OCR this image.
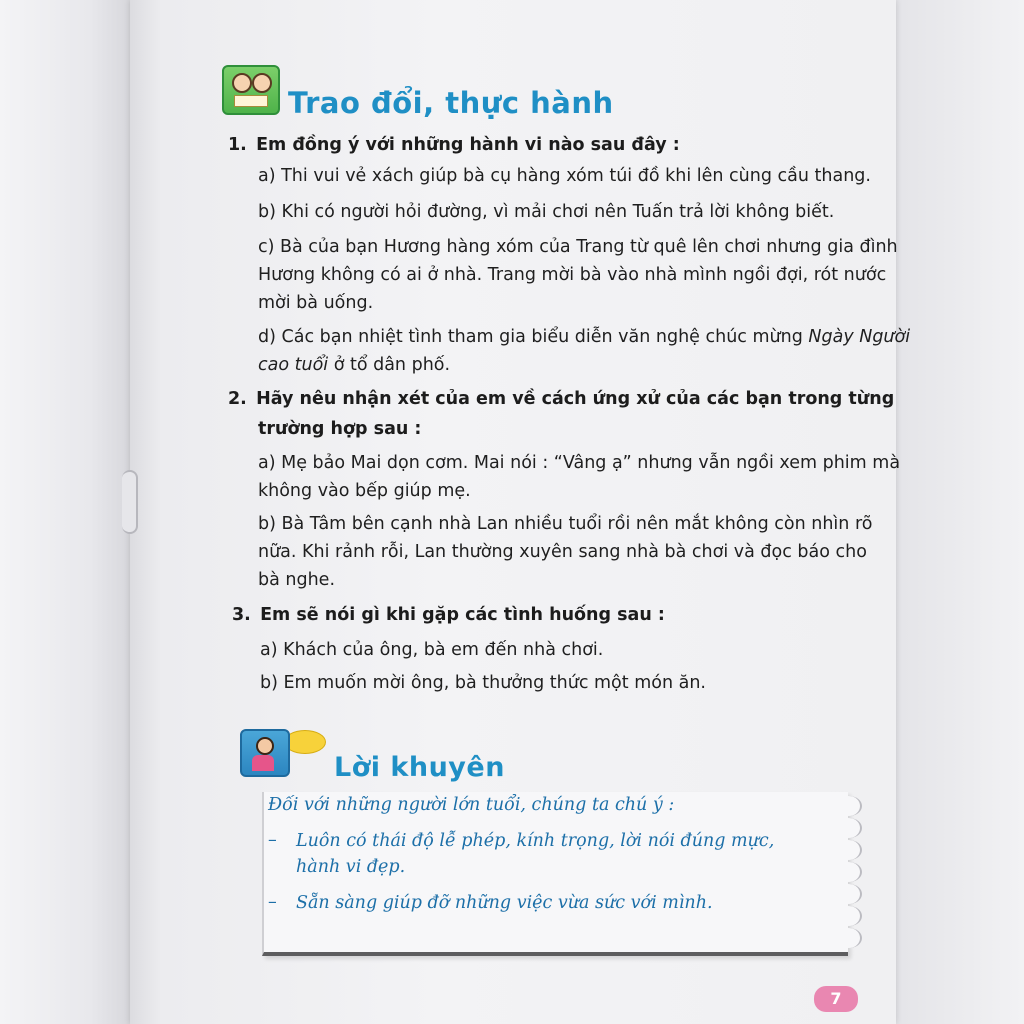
Trao đổi, thực hành
1. Em đồng ý với những hành vi nào sau đây :
a) Thi vui vẻ xách giúp bà cụ hàng xóm túi đồ khi lên cùng cầu thang.
b) Khi có người hỏi đường, vì mải chơi nên Tuấn trả lời không biết.
c) Bà của bạn Hương hàng xóm của Trang từ quê lên chơi nhưng gia đình
Hương không có ai ở nhà. Trang mời bà vào nhà mình ngồi đợi, rót nước
mời bà uống.
d) Các bạn nhiệt tình tham gia biểu diễn văn nghệ chúc mừng Ngày Người
cao tuổi ở tổ dân phố.
2. Hãy nêu nhận xét của em về cách ứng xử của các bạn trong từng
trường hợp sau :
a) Mẹ bảo Mai dọn cơm. Mai nói : “Vâng ạ” nhưng vẫn ngồi xem phim mà
không vào bếp giúp mẹ.
b) Bà Tâm bên cạnh nhà Lan nhiều tuổi rồi nên mắt không còn nhìn rõ
nữa. Khi rảnh rỗi, Lan thường xuyên sang nhà bà chơi và đọc báo cho
bà nghe.
3. Em sẽ nói gì khi gặp các tình huống sau :
a) Khách của ông, bà em đến nhà chơi.
b) Em muốn mời ông, bà thưởng thức một món ăn.
Lời khuyên
Đối với những người lớn tuổi, chúng ta chú ý :
– Luôn có thái độ lễ phép, kính trọng, lời nói đúng mực,
hành vi đẹp.
– Sẵn sàng giúp đỡ những việc vừa sức với mình.
7
